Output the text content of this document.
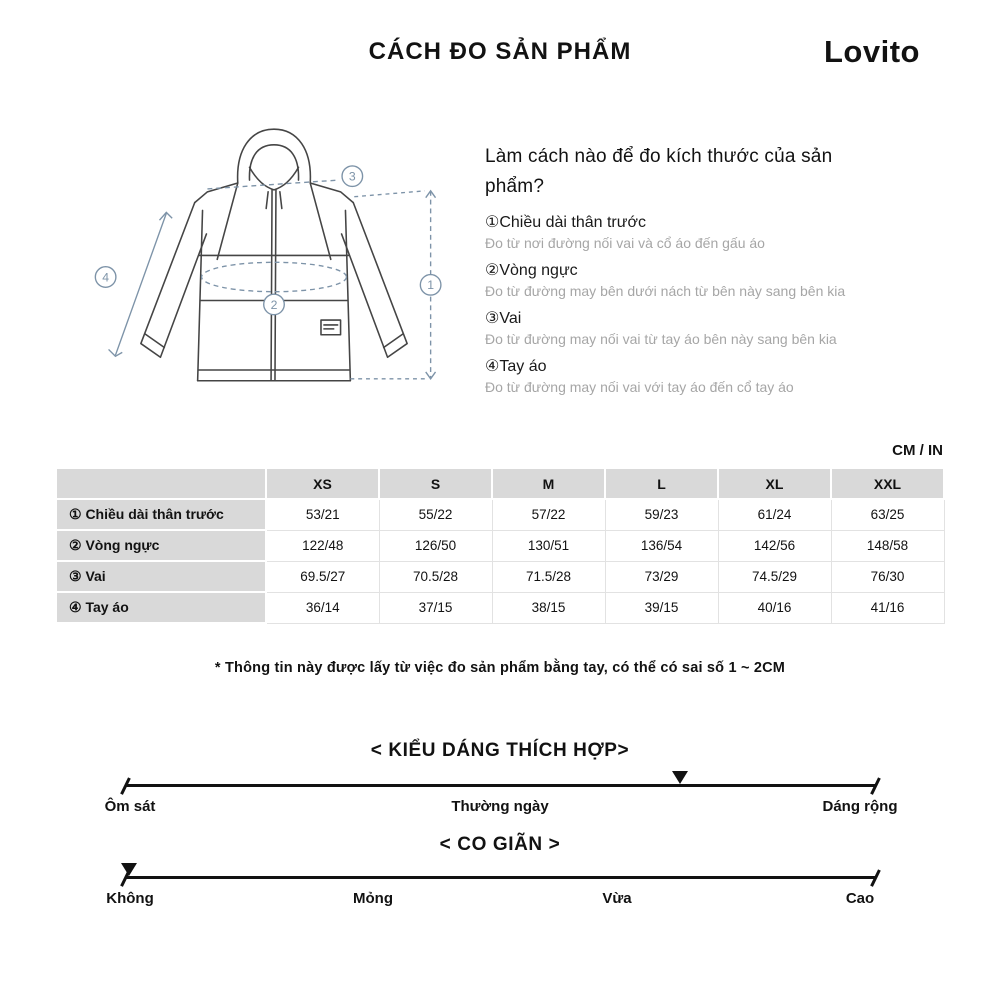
CÁCH ĐO SẢN PHẨM	Lovito
1
2
3
4
Làm cách nào để đo kích thước của sản phẩm?
①Chiều dài thân trước
Đo từ nơi đường nối vai và cổ áo đến gấu áo
②Vòng ngực
Đo từ đường may bên dưới nách từ bên này sang bên kia
③Vai
Đo từ đường may nối vai từ tay áo bên này sang bên kia
④Tay áo
Đo từ đường may nối vai với tay áo đến cổ tay áo
CM / IN
	XS	S	M	L	XL	XXL
① Chiều dài thân trước	53/21	55/22	57/22	59/23	61/24	63/25
② Vòng ngực	122/48	126/50	130/51	136/54	142/56	148/58
③ Vai	69.5/27	70.5/28	71.5/28	73/29	74.5/29	76/30
④ Tay áo	36/14	37/15	38/15	39/15	40/16	41/16

* Thông tin này được lấy từ việc đo sản phẩm bằng tay, có thể có sai số 1 ~ 2CM

< KIỂU DÁNG THÍCH HỢP>
Ôm sát	Thường ngày	Dáng rộng
< CO GIÃN >
Không	Mỏng	Vừa	Cao
